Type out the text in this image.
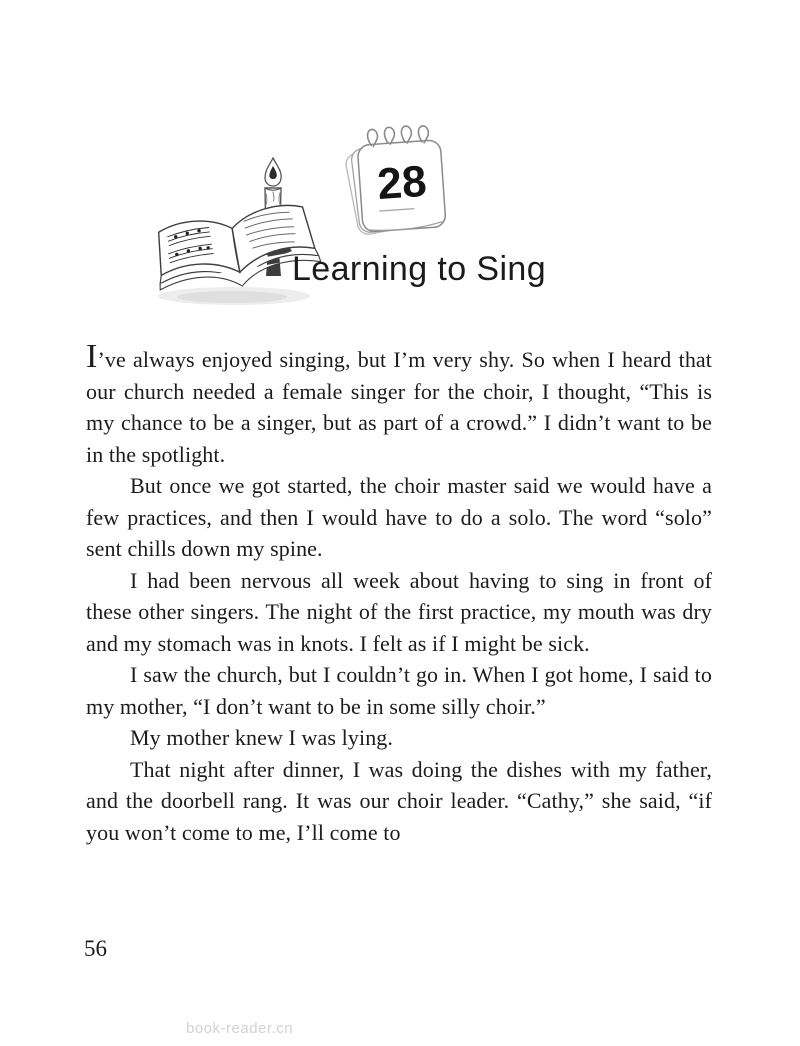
28
Learning to Sing

I’ve always enjoyed singing, but I’m very shy. So when I heard that our church needed a female singer for the choir, I thought, “This is my chance to be a singer, but as part of a crowd.” I didn’t want to be in the spotlight.

But once we got started, the choir master said we would have a few practices, and then I would have to do a solo. The word “solo” sent chills down my spine.

I had been nervous all week about having to sing in front of these other singers. The night of the first practice, my mouth was dry and my stomach was in knots. I felt as if I might be sick.

I saw the church, but I couldn’t go in. When I got home, I said to my mother, “I don’t want to be in some silly choir.”

My mother knew I was lying.

That night after dinner, I was doing the dishes with my father, and the doorbell rang. It was our choir leader. “Cathy,” she said, “if you won’t come to me, I’ll come to

56
book-reader.cn
